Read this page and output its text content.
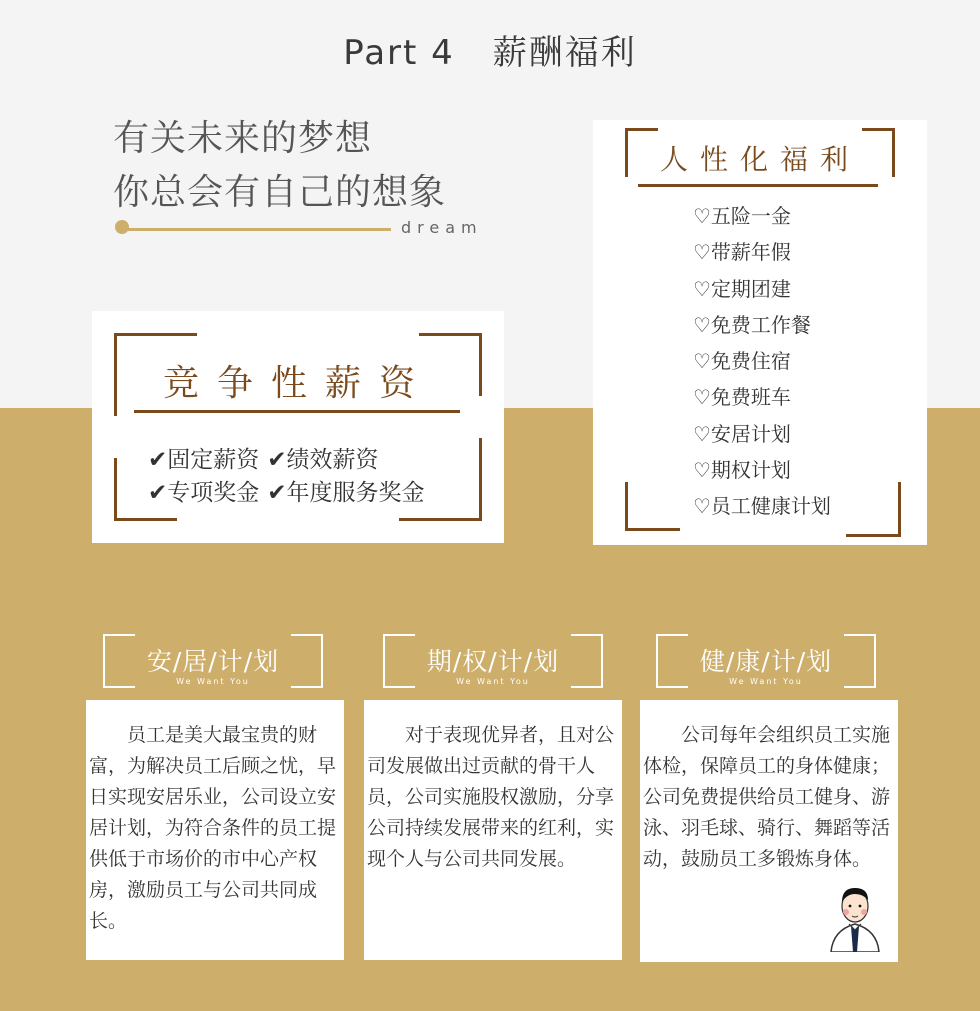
Part 4 薪酬福利
有关未来的梦想
你总会有自己的想象
dream
竞争性薪资
✔固定薪资 ✔绩效薪资
✔专项奖金 ✔年度服务奖金
人性化福利
♡五险一金
♡带薪年假
♡定期团建
♡免费工作餐
♡免费住宿
♡免费班车
♡安居计划
♡期权计划
♡员工健康计划
安/居/计/划
We Want You
期/权/计/划
We Want You
健/康/计/划
We Want You

员工是美大最宝贵的财富，为解决员工后顾之忧，早日实现安居乐业，公司设立安居计划，为符合条件的员工提供低于市场价的市中心产权房，激励员工与公司共同成长。

对于表现优异者，且对公司发展做出过贡献的骨干人员，公司实施股权激励，分享公司持续发展带来的红利，实现个人与公司共同发展。

公司每年会组织员工实施体检，保障员工的身体健康；公司免费提供给员工健身、游泳、羽毛球、骑行、舞蹈等活动，鼓励员工多锻炼身体。
